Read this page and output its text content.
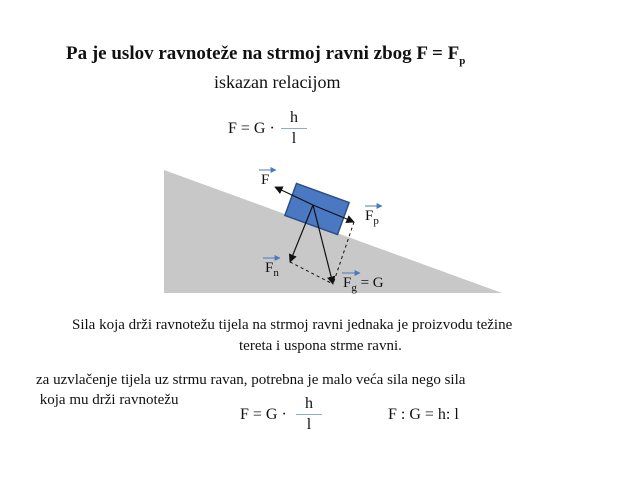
Pa je uslov ravnoteže na strmoj ravni zbog $F = F_p$
iskazan relacijom
F = G ·
h
l
F
$F_p$
$F_n$
$F_g = G$
Sila koja drži ravnotežu tijela na strmoj ravni jednaka je proizvodu težine
tereta i uspona strme ravni.
za uzvlačenje tijela uz strmu ravan, potrebna je malo veća sila nego sila
koja mu drži ravnotežu
F = G ·
h
l
F : G = h: l
